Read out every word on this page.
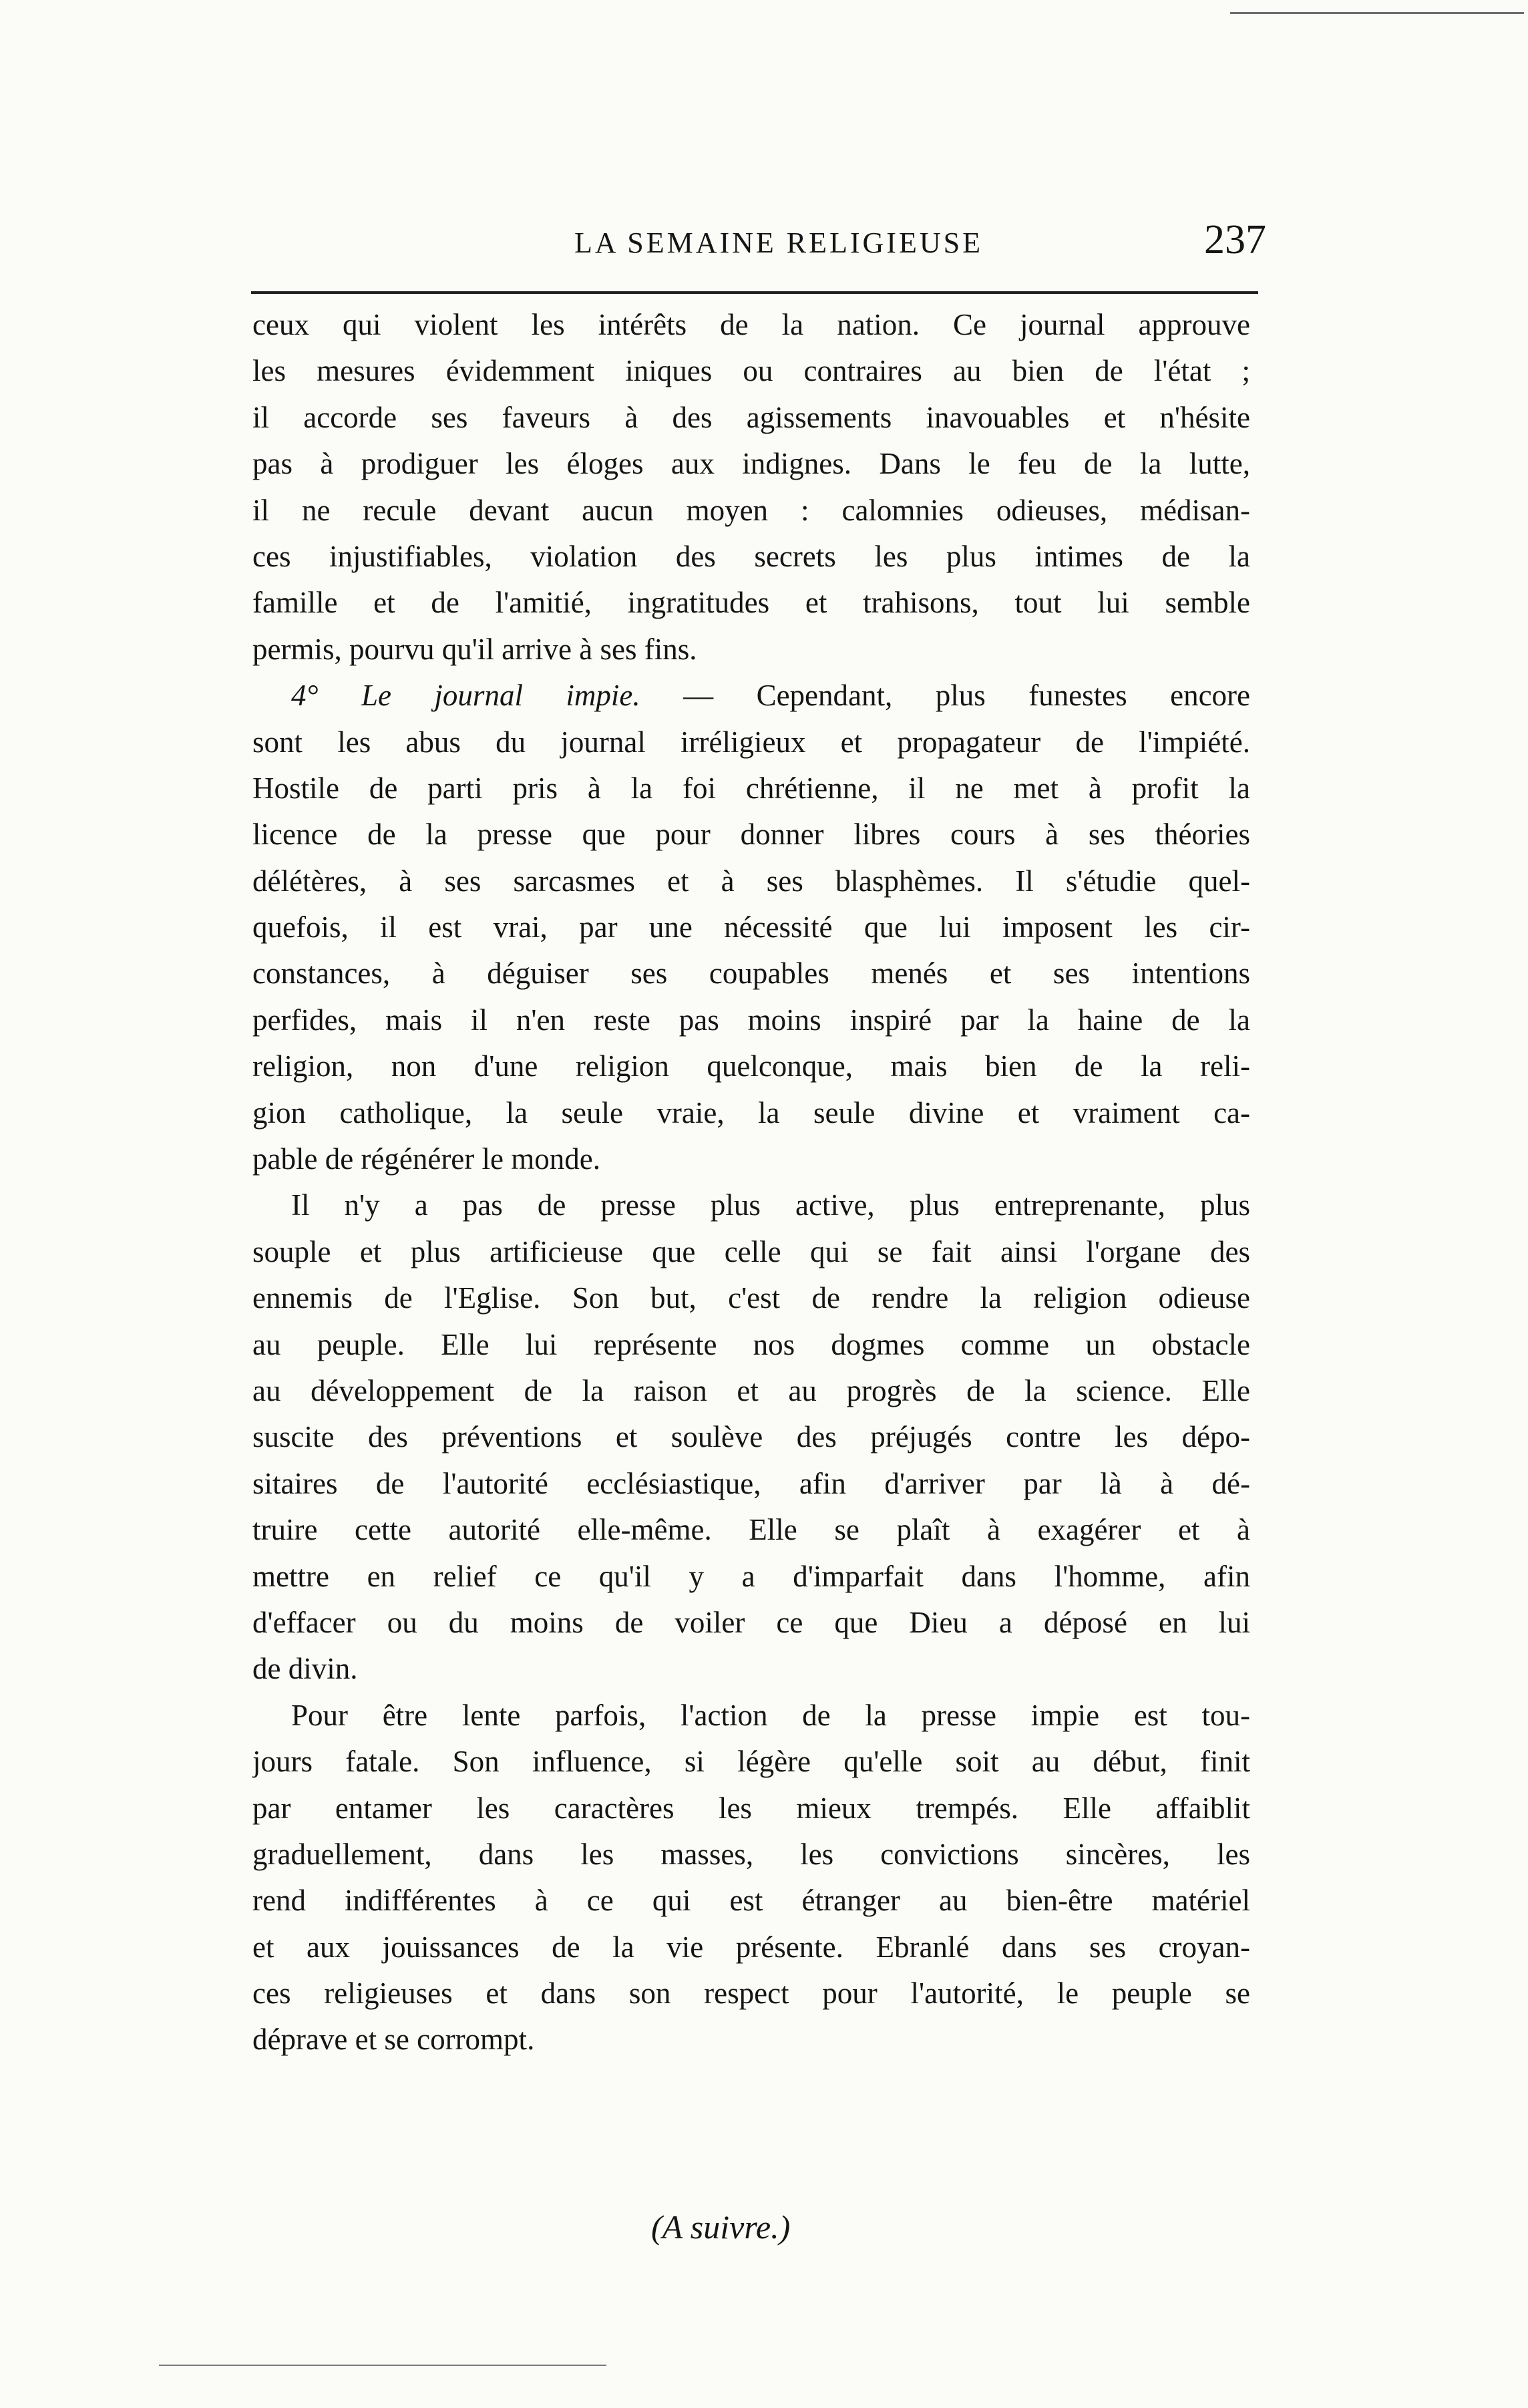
LA SEMAINE RELIGIEUSE	237
ceux qui violent les intérêts de la nation. Ce journal approuve
les mesures évidemment iniques ou contraires au bien de l'état ;
il accorde ses faveurs à des agissements inavouables et n'hésite
pas à prodiguer les éloges aux indignes. Dans le feu de la lutte,
il ne recule devant aucun moyen : calomnies odieuses, médisan-
ces injustifiables, violation des secrets les plus intimes de la
famille et de l'amitié, ingratitudes et trahisons, tout lui semble
permis, pourvu qu'il arrive à ses fins.
4° Le journal impie. — Cependant, plus funestes encore
sont les abus du journal irréligieux et propagateur de l'impiété.
Hostile de parti pris à la foi chrétienne, il ne met à profit la
licence de la presse que pour donner libres cours à ses théories
délétères, à ses sarcasmes et à ses blasphèmes. Il s'étudie quel-
quefois, il est vrai, par une nécessité que lui imposent les cir-
constances, à déguiser ses coupables menés et ses intentions
perfides, mais il n'en reste pas moins inspiré par la haine de la
religion, non d'une religion quelconque, mais bien de la reli-
gion catholique, la seule vraie, la seule divine et vraiment ca-
pable de régénérer le monde.
Il n'y a pas de presse plus active, plus entreprenante, plus
souple et plus artificieuse que celle qui se fait ainsi l'organe des
ennemis de l'Eglise. Son but, c'est de rendre la religion odieuse
au peuple. Elle lui représente nos dogmes comme un obstacle
au développement de la raison et au progrès de la science. Elle
suscite des préventions et soulève des préjugés contre les dépo-
sitaires de l'autorité ecclésiastique, afin d'arriver par là à dé-
truire cette autorité elle-même. Elle se plaît à exagérer et à
mettre en relief ce qu'il y a d'imparfait dans l'homme, afin
d'effacer ou du moins de voiler ce que Dieu a déposé en lui
de divin.
Pour être lente parfois, l'action de la presse impie est tou-
jours fatale. Son influence, si légère qu'elle soit au début, finit
par entamer les caractères les mieux trempés. Elle affaiblit
graduellement, dans les masses, les convictions sincères, les
rend indifférentes à ce qui est étranger au bien-être matériel
et aux jouissances de la vie présente. Ebranlé dans ses croyan-
ces religieuses et dans son respect pour l'autorité, le peuple se
déprave et se corrompt.
(A suivre.)
